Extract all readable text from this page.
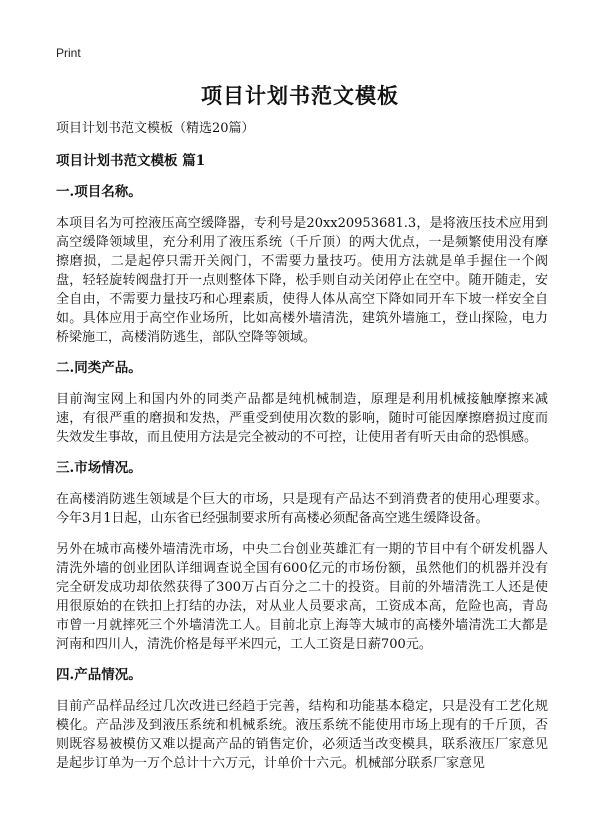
Print
项目计划书范文模板

项目计划书范文模板（精选20篇）

项目计划书范文模板 篇1

一.项目名称。

本项目名为可控液压高空缓降器，专利号是20xx20953681.3，是将液压技术应用到高空缓降领域里，充分利用了液压系统（千斤顶）的两大优点，一是频繁使用没有摩擦磨损，二是起停只需开关阀门，不需要力量技巧。使用方法就是单手握住一个阀盘，轻轻旋转阀盘打开一点则整体下降，松手则自动关闭停止在空中。随开随走，安全自由，不需要力量技巧和心理素质，使得人体从高空下降如同开车下坡一样安全自如。具体应用于高空作业场所，比如高楼外墙清洗，建筑外墙施工，登山探险，电力桥梁施工，高楼消防逃生，部队空降等领域。

二.同类产品。

目前淘宝网上和国内外的同类产品都是纯机械制造，原理是利用机械接触摩擦来减速，有很严重的磨损和发热，严重受到使用次数的影响，随时可能因摩擦磨损过度而失效发生事故，而且使用方法是完全被动的不可控，让使用者有听天由命的恐惧感。

三.市场情况。

在高楼消防逃生领域是个巨大的市场，只是现有产品达不到消费者的使用心理要求。今年3月1日起，山东省已经强制要求所有高楼必须配备高空逃生缓降设备。

另外在城市高楼外墙清洗市场，中央二台创业英雄汇有一期的节目中有个研发机器人清洗外墙的创业团队详细调查说全国有600亿元的市场份额，虽然他们的机器并没有完全研发成功却依然获得了300万占百分之二十的投资。目前的外墙清洗工人还是使用很原始的在铁扣上打结的办法，对从业人员要求高，工资成本高，危险也高，青岛市曾一月就摔死三个外墙清洗工人。目前北京上海等大城市的高楼外墙清洗工大都是河南和四川人，清洗价格是每平米四元，工人工资是日薪700元。

四.产品情况。

目前产品样品经过几次改进已经趋于完善，结构和功能基本稳定，只是没有工艺化规模化。产品涉及到液压系统和机械系统。液压系统不能使用市场上现有的千斤顶，否则既容易被模仿又难以提高产品的销售定价，必须适当改变模具，联系液压厂家意见是起步订单为一万个总计十六万元，计单价十六元。机械部分联系厂家意见
